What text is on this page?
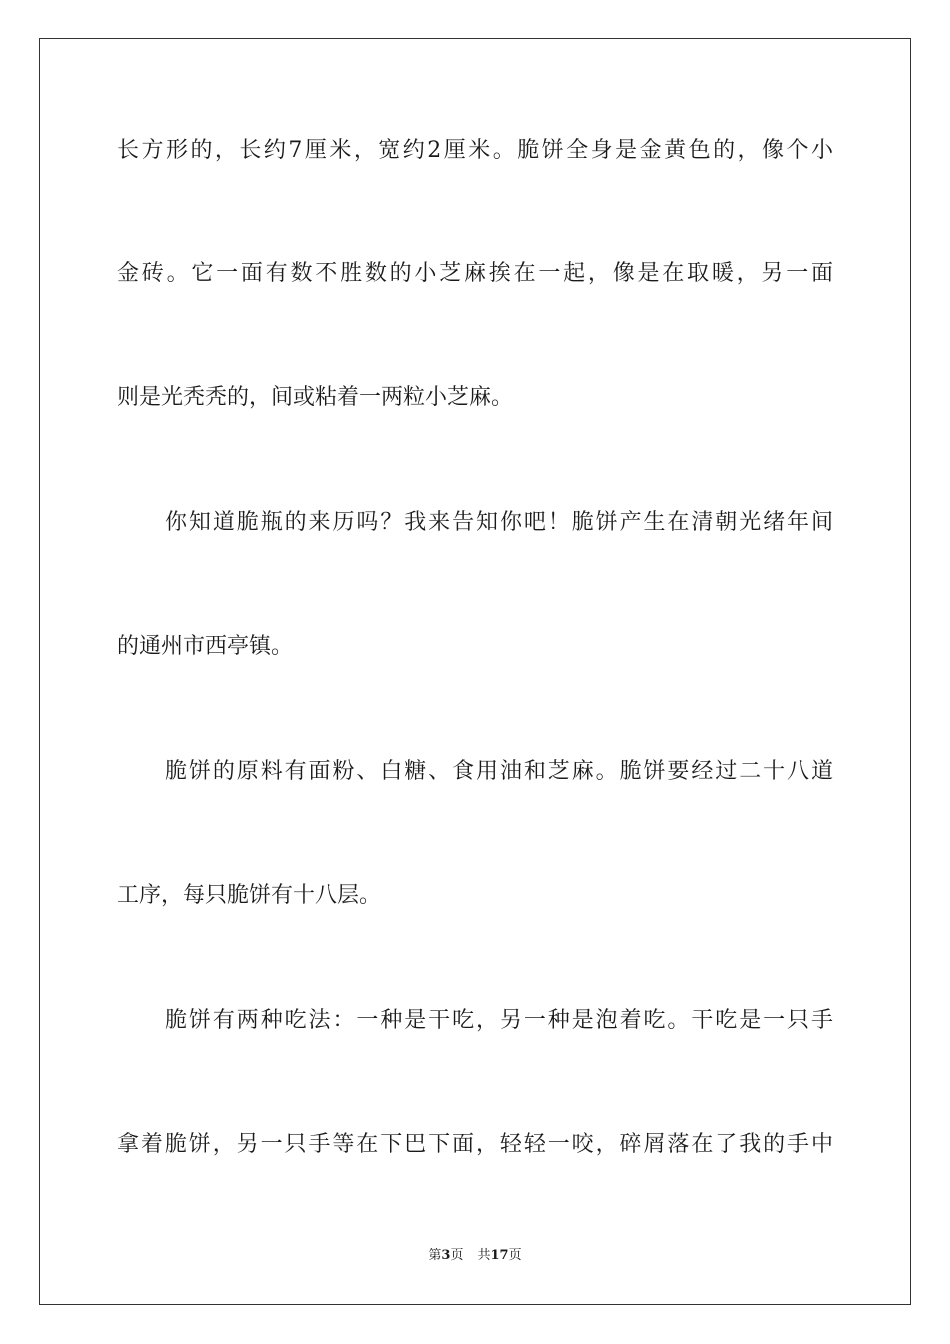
长方形的，长约7厘米，宽约2厘米。脆饼全身是金黄色的，像个小
金砖。它一面有数不胜数的小芝麻挨在一起，像是在取暖，另一面
则是光秃秃的，间或粘着一两粒小芝麻。
你知道脆瓶的来历吗？我来告知你吧！脆饼产生在清朝光绪年间
的通州市西亭镇。
脆饼的原料有面粉、白糖、食用油和芝麻。脆饼要经过二十八道
工序，每只脆饼有十八层。
脆饼有两种吃法：一种是干吃，另一种是泡着吃。干吃是一只手
拿着脆饼，另一只手等在下巴下面，轻轻一咬，碎屑落在了我的手中
第3页 共17页
